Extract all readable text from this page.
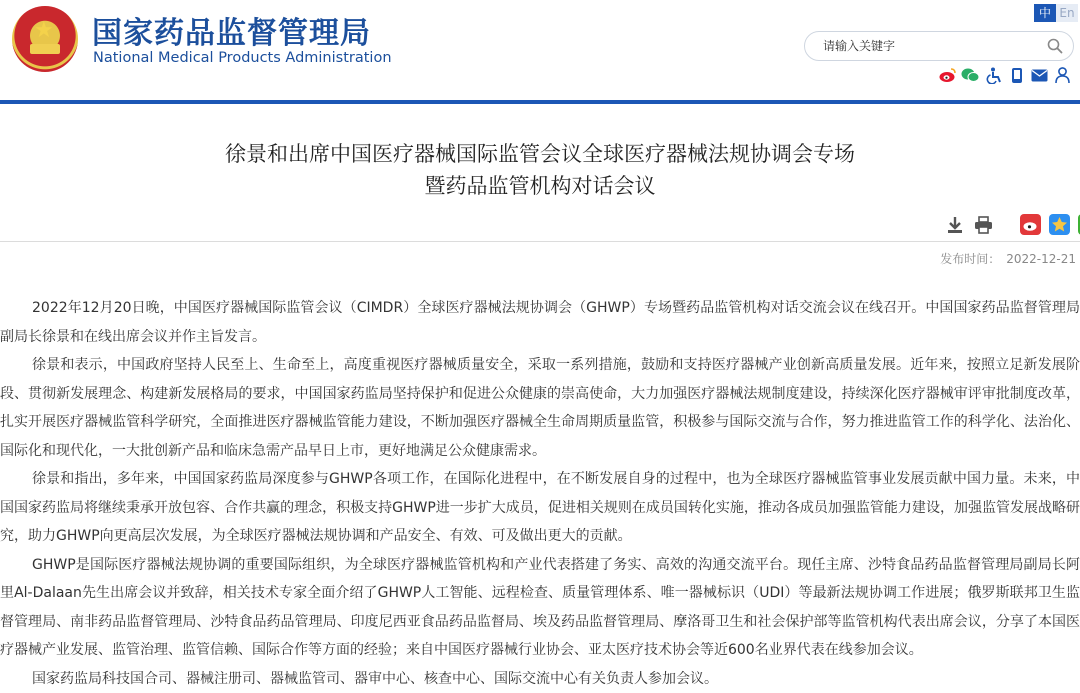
★ 国家药品监督管理局
National Medical Products Administration
中 En
请输入关键字
徐景和出席中国医疗器械国际监管会议全球医疗器械法规协调会专场
暨药品监管机构对话会议
发布时间： 2022-12-21

2022年12月20日晚，中国医疗器械国际监管会议（CIMDR）全球医疗器械法规协调会（GHWP）专场暨药品监管机构对话交流会议在线召开。中国国家药品监督管理局副局长徐景和在线出席会议并作主旨发言。

徐景和表示，中国政府坚持人民至上、生命至上，高度重视医疗器械质量安全，采取一系列措施，鼓励和支持医疗器械产业创新高质量发展。近年来，按照立足新发展阶段、贯彻新发展理念、构建新发展格局的要求，中国国家药监局坚持保护和促进公众健康的崇高使命，大力加强医疗器械法规制度建设，持续深化医疗器械审评审批制度改革，扎实开展医疗器械监管科学研究，全面推进医疗器械监管能力建设，不断加强医疗器械全生命周期质量监管，积极参与国际交流与合作，努力推进监管工作的科学化、法治化、国际化和现代化，一大批创新产品和临床急需产品早日上市，更好地满足公众健康需求。

徐景和指出，多年来，中国国家药监局深度参与GHWP各项工作，在国际化进程中，在不断发展自身的过程中，也为全球医疗器械监管事业发展贡献中国力量。未来，中国国家药监局将继续秉承开放包容、合作共赢的理念，积极支持GHWP进一步扩大成员，促进相关规则在成员国转化实施，推动各成员加强监管能力建设，加强监管发展战略研究，助力GHWP向更高层次发展，为全球医疗器械法规协调和产品安全、有效、可及做出更大的贡献。

GHWP是国际医疗器械法规协调的重要国际组织，为全球医疗器械监管机构和产业代表搭建了务实、高效的沟通交流平台。现任主席、沙特食品药品监督管理局副局长阿里Al-Dalaan先生出席会议并致辞，相关技术专家全面介绍了GHWP人工智能、远程检查、质量管理体系、唯一器械标识（UDI）等最新法规协调工作进展；俄罗斯联邦卫生监督管理局、南非药品监督管理局、沙特食品药品管理局、印度尼西亚食品药品监督局、埃及药品监督管理局、摩洛哥卫生和社会保护部等监管机构代表出席会议，分享了本国医疗器械产业发展、监管治理、监管信赖、国际合作等方面的经验；来自中国医疗器械行业协会、亚太医疗技术协会等近600名业界代表在线参加会议。

国家药监局科技国合司、器械注册司、器械监管司、器审中心、核查中心、国际交流中心有关负责人参加会议。
